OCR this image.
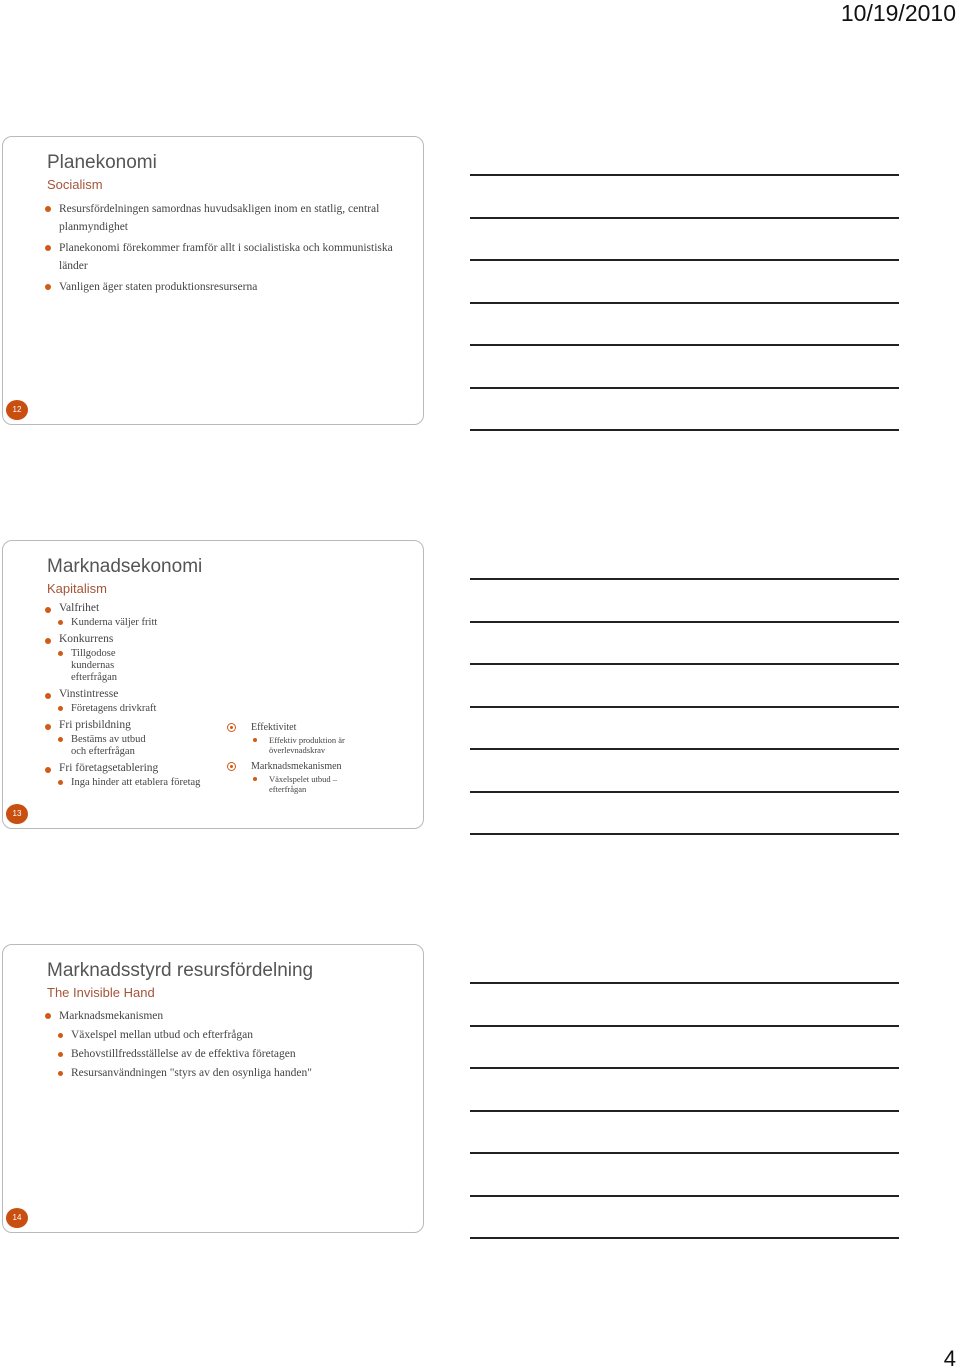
10/19/2010
Planekonomi
Socialism
Resursfördelningen samordnas huvudsakligen inom en statlig, central planmyndighet
Planekonomi förekommer framför allt i socialistiska och kommunistiska länder
Vanligen äger staten produktionsresurserna
12
Marknadsekonomi
Kapitalism
Valfrihet
Kunderna väljer fritt
Konkurrens
Tillgodose kundernas efterfrågan
Vinstintresse
Företagens drivkraft
Fri prisbildning
Bestäms av utbud och efterfrågan
Fri företagsetablering
Inga hinder att etablera företag
Effektivitet
Effektiv produktion är överlevnadskrav
Marknadsmekanismen
Växelspelet utbud – efterfrågan
13
Marknadsstyrd resursfördelning
The Invisible Hand
Marknadsmekanismen
Växelspel mellan utbud och efterfrågan
Behovstillfredsställelse av de effektiva företagen
Resursanvändningen "styrs av den osynliga handen"
14
4
